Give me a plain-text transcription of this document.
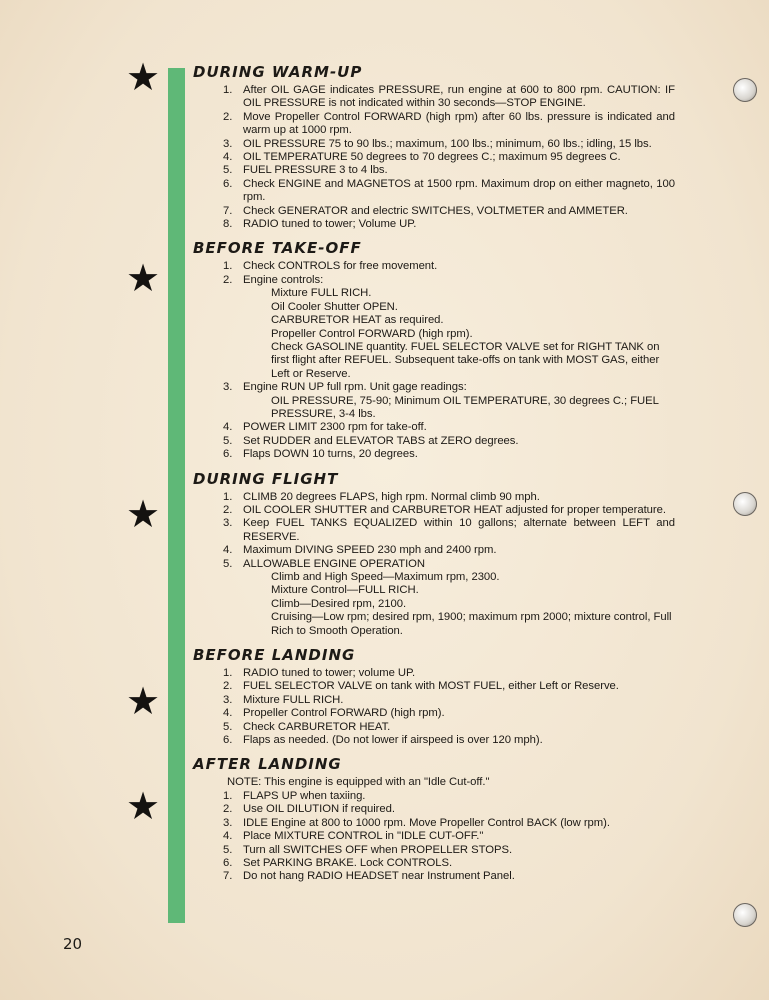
★
★
★
★
★
DURING WARM-UP
1. After OIL GAGE indicates PRESSURE, run engine at 600 to 800 rpm. CAUTION: IF OIL PRESSURE is not indicated within 30 seconds—STOP ENGINE.
2. Move Propeller Control FORWARD (high rpm) after 60 lbs. pressure is indicated and warm up at 1000 rpm.
3. OIL PRESSURE 75 to 90 lbs.; maximum, 100 lbs.; minimum, 60 lbs.; idling, 15 lbs.
4. OIL TEMPERATURE 50 degrees to 70 degrees C.; maximum 95 degrees C.
5. FUEL PRESSURE 3 to 4 lbs.
6. Check ENGINE and MAGNETOS at 1500 rpm. Maximum drop on either magneto, 100 rpm.
7. Check GENERATOR and electric SWITCHES, VOLTMETER and AMMETER.
8. RADIO tuned to tower; Volume UP.
BEFORE TAKE-OFF
1. Check CONTROLS for free movement.
2. Engine controls:
Mixture FULL RICH.
Oil Cooler Shutter OPEN.
CARBURETOR HEAT as required.
Propeller Control FORWARD (high rpm).
Check GASOLINE quantity. FUEL SELECTOR VALVE set for RIGHT TANK on first flight after REFUEL. Subsequent take-offs on tank with MOST GAS, either Left or Reserve.
3. Engine RUN UP full rpm. Unit gage readings:
OIL PRESSURE, 75-90; Minimum OIL TEMPERATURE, 30 degrees C.; FUEL PRESSURE, 3-4 lbs.
4. POWER LIMIT 2300 rpm for take-off.
5. Set RUDDER and ELEVATOR TABS at ZERO degrees.
6. Flaps DOWN 10 turns, 20 degrees.
DURING FLIGHT
1. CLIMB 20 degrees FLAPS, high rpm. Normal climb 90 mph.
2. OIL COOLER SHUTTER and CARBURETOR HEAT adjusted for proper temperature.
3. Keep FUEL TANKS EQUALIZED within 10 gallons; alternate between LEFT and RESERVE.
4. Maximum DIVING SPEED 230 mph and 2400 rpm.
5. ALLOWABLE ENGINE OPERATION
Climb and High Speed—Maximum rpm, 2300.
Mixture Control—FULL RICH.
Climb—Desired rpm, 2100.
Cruising—Low rpm; desired rpm, 1900; maximum rpm 2000; mixture control, Full Rich to Smooth Operation.
BEFORE LANDING
1. RADIO tuned to tower; volume UP.
2. FUEL SELECTOR VALVE on tank with MOST FUEL, either Left or Reserve.
3. Mixture FULL RICH.
4. Propeller Control FORWARD (high rpm).
5. Check CARBURETOR HEAT.
6. Flaps as needed. (Do not lower if airspeed is over 120 mph).
AFTER LANDING
NOTE: This engine is equipped with an "Idle Cut-off."
1. FLAPS UP when taxiing.
2. Use OIL DILUTION if required.
3. IDLE Engine at 800 to 1000 rpm. Move Propeller Control BACK (low rpm).
4. Place MIXTURE CONTROL in "IDLE CUT-OFF."
5. Turn all SWITCHES OFF when PROPELLER STOPS.
6. Set PARKING BRAKE. Lock CONTROLS.
7. Do not hang RADIO HEADSET near Instrument Panel.
20
